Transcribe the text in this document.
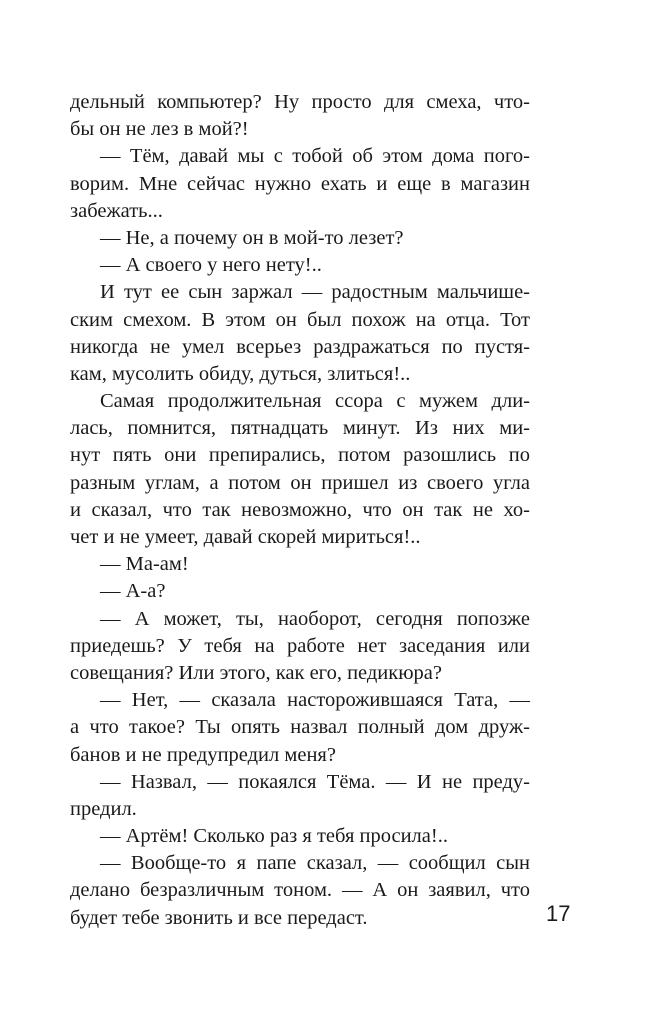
дельный компьютер? Ну просто для смеха, что-
бы он не лез в мой?!
— Тём, давай мы с тобой об этом дома пого-
ворим. Мне сейчас нужно ехать и еще в магазин
забежать...
— Не, а почему он в мой-то лезет?
— А своего у него нету!..
И тут ее сын заржал — радостным мальчише-
ским смехом. В этом он был похож на отца. Тот
никогда не умел всерьез раздражаться по пустя-
кам, мусолить обиду, дуться, злиться!..
Самая продолжительная ссора с мужем дли-
лась, помнится, пятнадцать минут. Из них ми-
нут пять они препирались, потом разошлись по
разным углам, а потом он пришел из своего угла
и сказал, что так невозможно, что он так не хо-
чет и не умеет, давай скорей мириться!..
— Ма-ам!
— А-а?
— А может, ты, наоборот, сегодня попозже
приедешь? У тебя на работе нет заседания или
совещания? Или этого, как его, педикюра?
— Нет, — сказала насторожившаяся Тата, —
а что такое? Ты опять назвал полный дом друж-
банов и не предупредил меня?
— Назвал, — покаялся Тёма. — И не преду-
предил.
— Артём! Сколько раз я тебя просила!..
— Вообще-то я папе сказал, — сообщил сын
делано безразличным тоном. — А он заявил, что
будет тебе звонить и все передаст.	17
